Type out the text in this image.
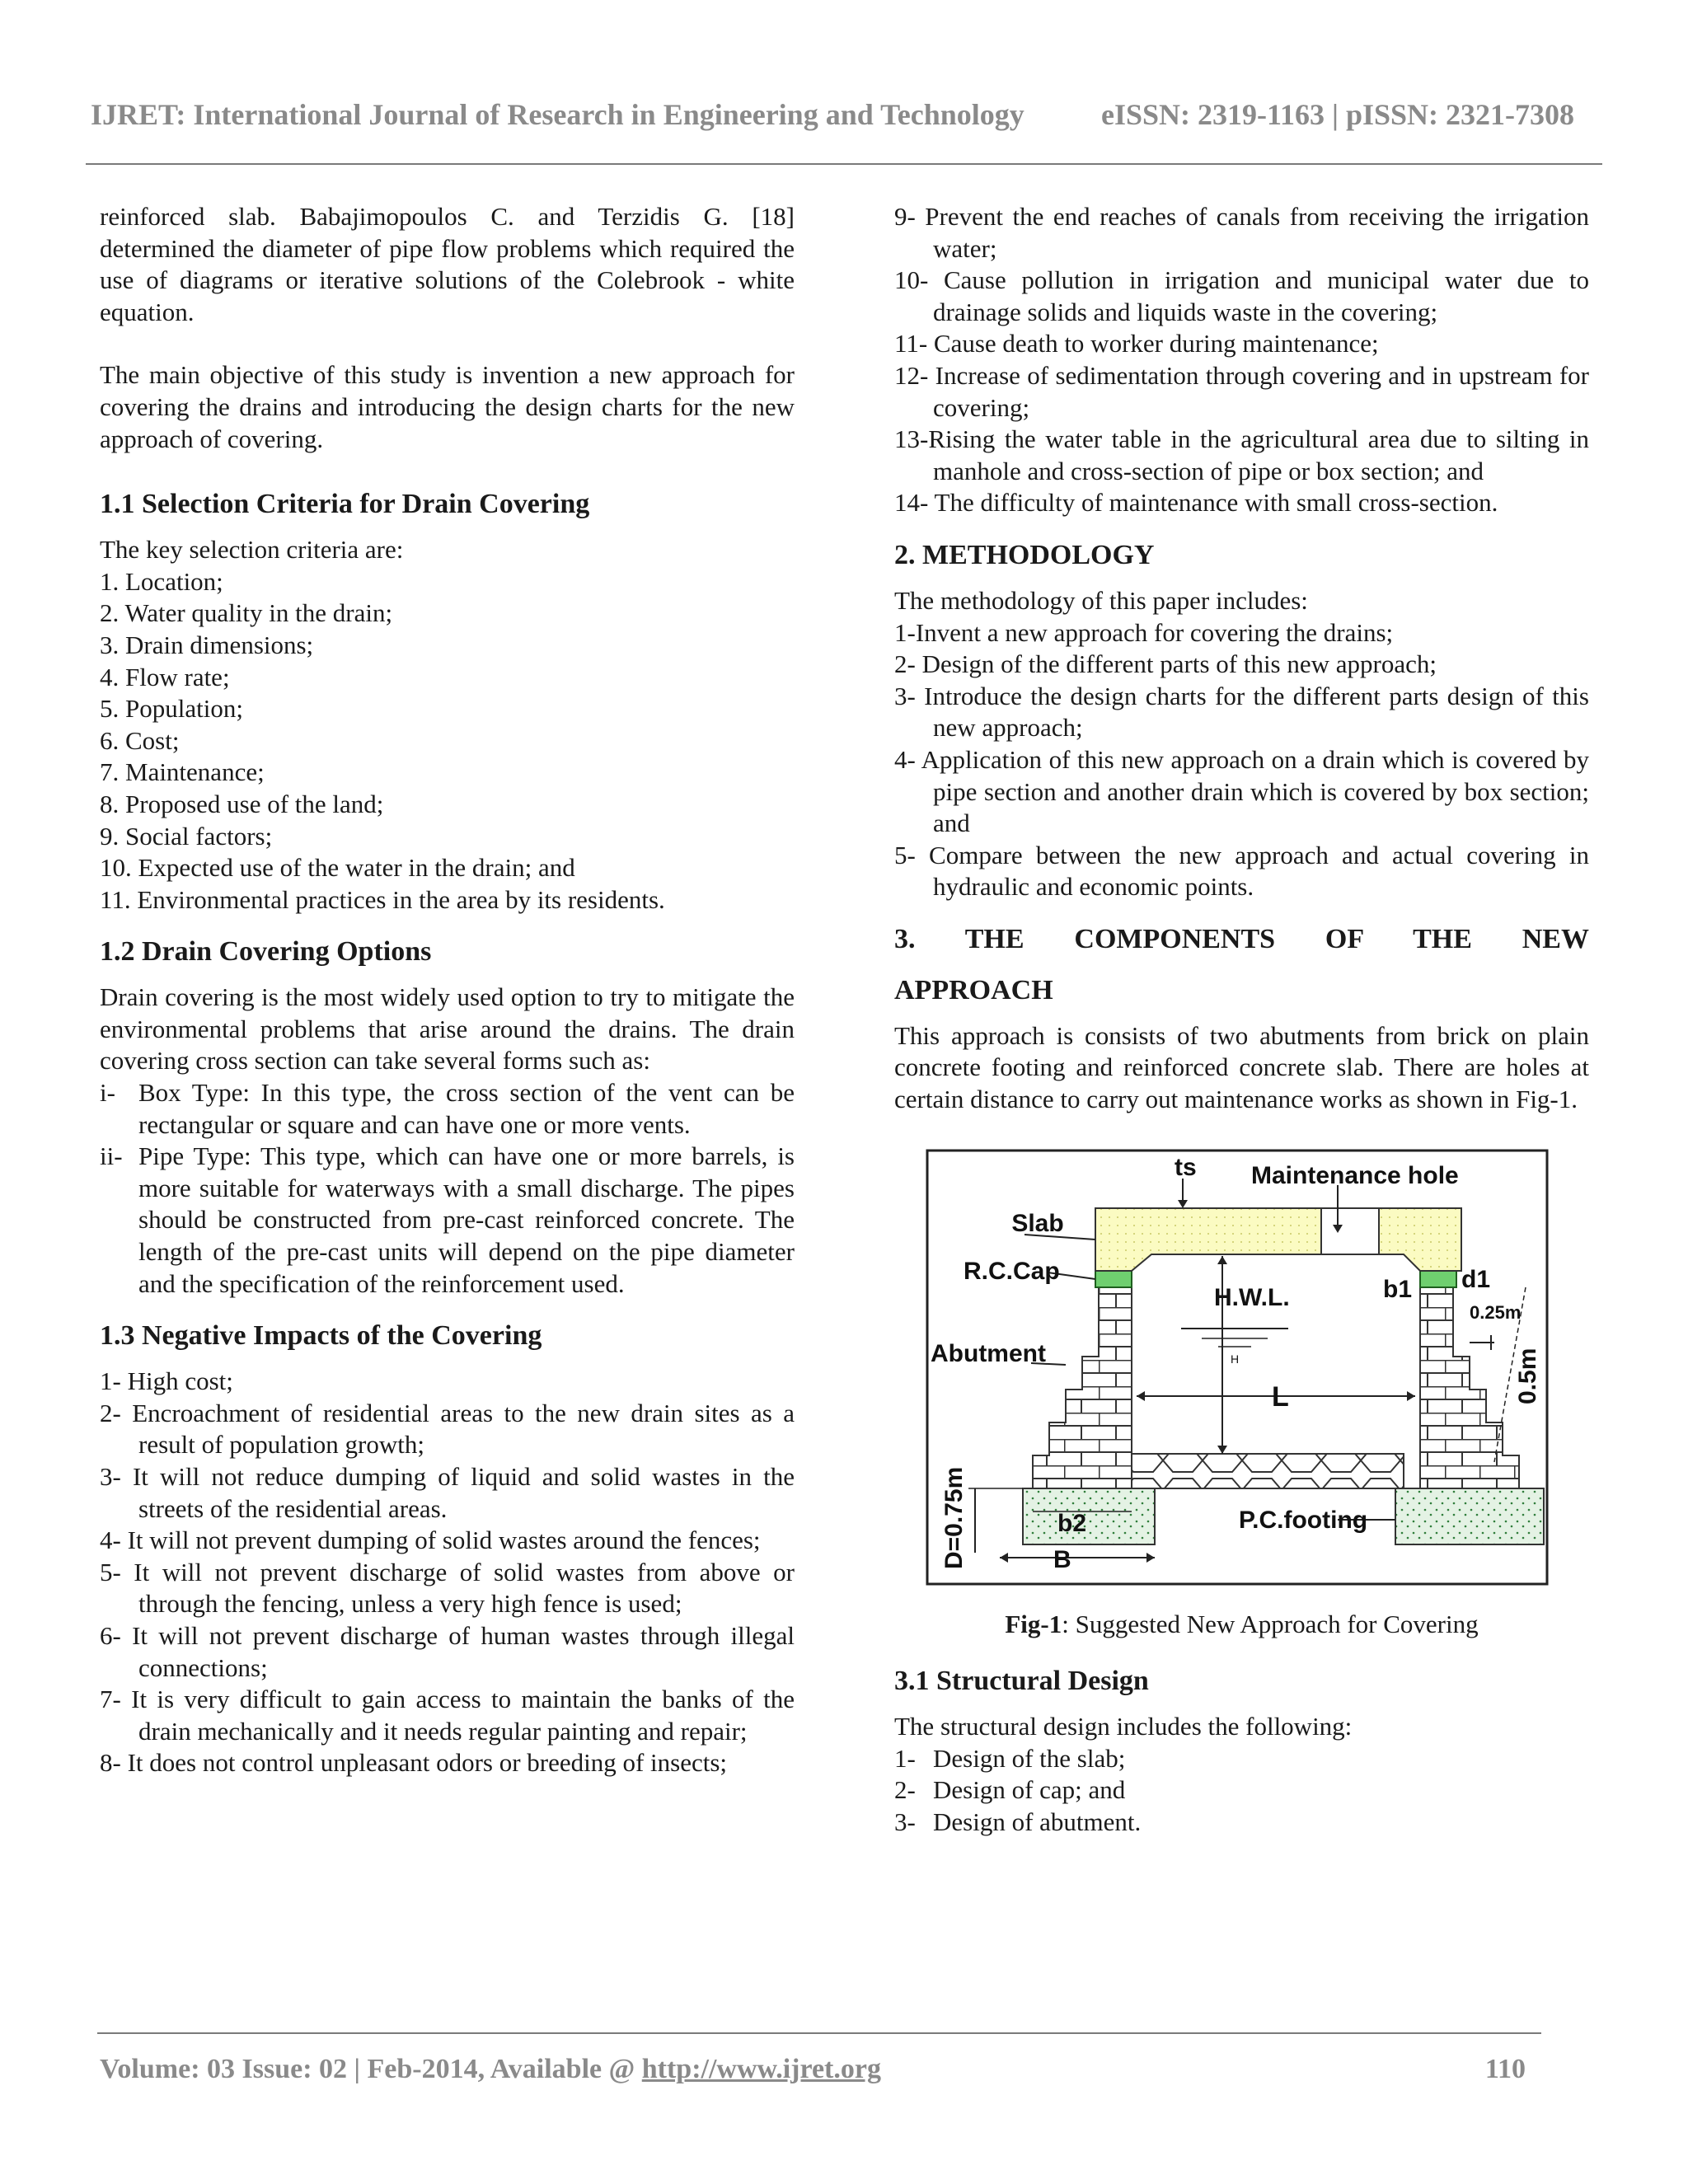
IJRET: International Journal of Research in Engineering and Technology	eISSN: 2319-1163 | pISSN: 2321-7308

reinforced slab. Babajimopoulos C. and Terzidis G. [18] determined the diameter of pipe flow problems which required the use of diagrams or iterative solutions of the Colebrook - white equation.

The main objective of this study is invention a new approach for covering the drains and introducing the design charts for the new approach of covering.

1.1 Selection Criteria for Drain Covering

The key selection criteria are:

1. Location;
2. Water quality in the drain;
3. Drain dimensions;
4. Flow rate;
5. Population;
6. Cost;
7. Maintenance;
8. Proposed use of the land;
9. Social factors;
10. Expected use of the water in the drain; and
11. Environmental practices in the area by its residents.
1.2 Drain Covering Options

Drain covering is the most widely used option to try to mitigate the environmental problems that arise around the drains. The drain covering cross section can take several forms such as:

i- Box Type: In this type, the cross section of the vent can be rectangular or square and can have one or more vents.
ii- Pipe Type: This type, which can have one or more barrels, is more suitable for waterways with a small discharge. The pipes should be constructed from pre-cast reinforced concrete. The length of the pre-cast units will depend on the pipe diameter and the specification of the reinforcement used.
1.3 Negative Impacts of the Covering

1- High cost;

2- Encroachment of residential areas to the new drain sites as a result of population growth;

3- It will not reduce dumping of liquid and solid wastes in the streets of the residential areas.

4- It will not prevent dumping of solid wastes around the fences;

5- It will not prevent discharge of solid wastes from above or through the fencing, unless a very high fence is used;

6- It will not prevent discharge of human wastes through illegal connections;

7- It is very difficult to gain access to maintain the banks of the drain mechanically and it needs regular painting and repair;

8- It does not control unpleasant odors or breeding of insects;

9- Prevent the end reaches of canals from receiving the irrigation water;

10- Cause pollution in irrigation and municipal water due to drainage solids and liquids waste in the covering;

11- Cause death to worker during maintenance;

12- Increase of sedimentation through covering and in upstream for covering;

13-Rising the water table in the agricultural area due to silting in manhole and cross-section of pipe or box section; and

14- The difficulty of maintenance with small cross-section.

2. METHODOLOGY

The methodology of this paper includes:

1-Invent a new approach for covering the drains;

2- Design of the different parts of this new approach;

3- Introduce the design charts for the different parts design of this new approach;

4- Application of this new approach on a drain which is covered by pipe section and another drain which is covered by box section; and

5- Compare between the new approach and actual covering in hydraulic and economic points.

3. THE COMPONENTS OF THE NEW
APPROACH

This approach is consists of two abutments from brick on plain concrete footing and reinforced concrete slab. There are holes at certain distance to carry out maintenance works as shown in Fig-1.

ts Maintenance hole
Slab
R.C.Cap
H.W.L.	b1 d1
0.25m
Abutment	H	0.5m
L
D=0.75m	b2	P.C.footing
B

Fig-1: Suggested New Approach for Covering

3.1 Structural Design

The structural design includes the following:

1- Design of the slab;
2- Design of cap; and
3- Design of abutment.
Volume: 03 Issue: 02 | Feb-2014, Available @ http://www.ijret.org	110
